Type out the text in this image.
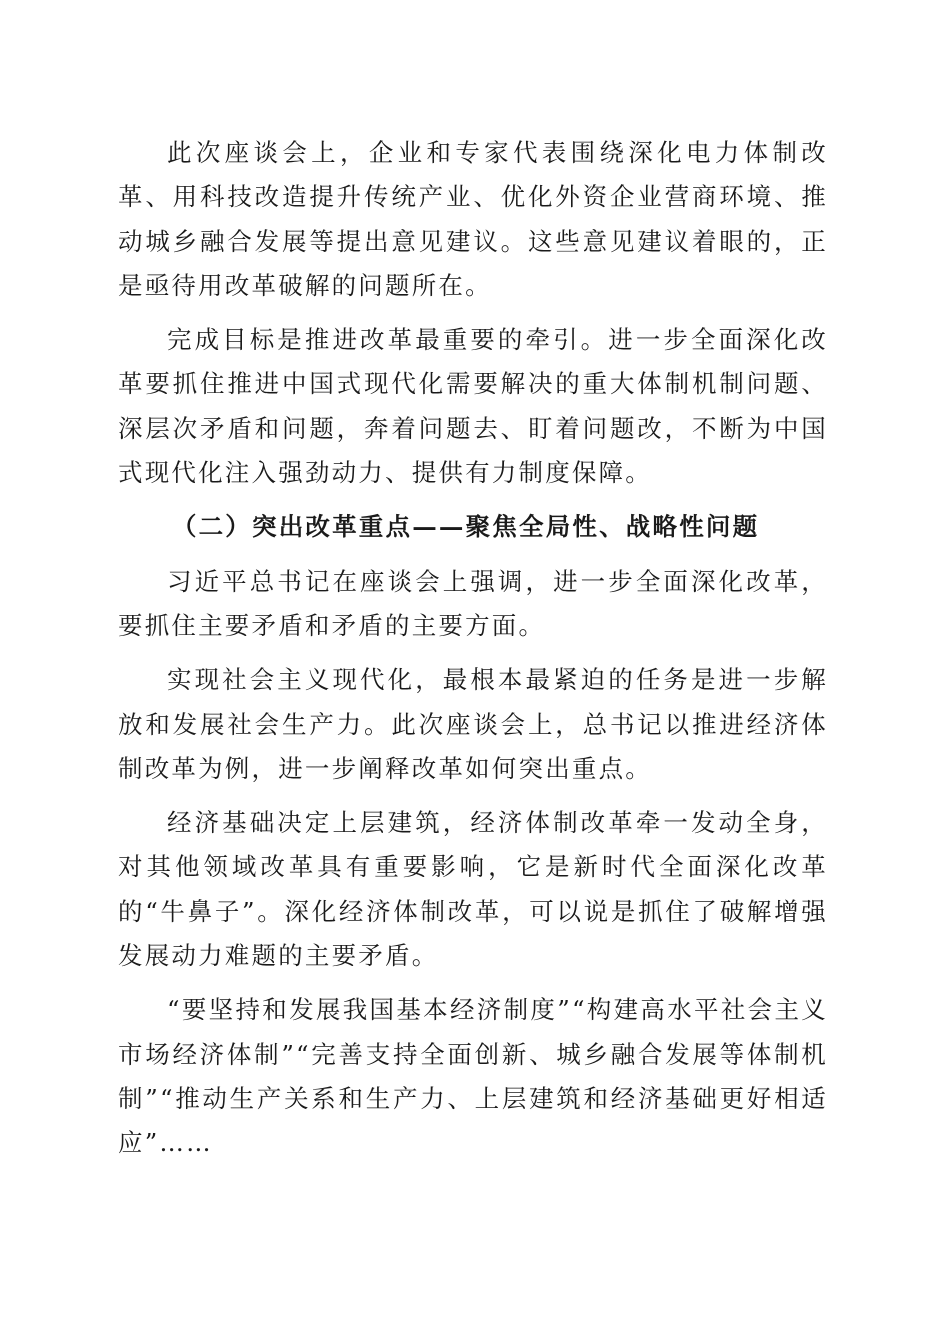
此次座谈会上，企业和专家代表围绕深化电力体制改革、用科技改造提升传统产业、优化外资企业营商环境、推动城乡融合发展等提出意见建议。这些意见建议着眼的，正是亟待用改革破解的问题所在。

完成目标是推进改革最重要的牵引。进一步全面深化改革要抓住推进中国式现代化需要解决的重大体制机制问题、深层次矛盾和问题，奔着问题去、盯着问题改，不断为中国式现代化注入强劲动力、提供有力制度保障。

（二）突出改革重点——聚焦全局性、战略性问题

习近平总书记在座谈会上强调，进一步全面深化改革，要抓住主要矛盾和矛盾的主要方面。

实现社会主义现代化，最根本最紧迫的任务是进一步解放和发展社会生产力。此次座谈会上，总书记以推进经济体制改革为例，进一步阐释改革如何突出重点。

经济基础决定上层建筑，经济体制改革牵一发动全身，对其他领域改革具有重要影响，它是新时代全面深化改革的“牛鼻子”。深化经济体制改革，可以说是抓住了破解增强发展动力难题的主要矛盾。

“要坚持和发展我国基本经济制度”“构建高水平社会主义市场经济体制”“完善支持全面创新、城乡融合发展等体制机制”“推动生产关系和生产力、上层建筑和经济基础更好相适应”……
